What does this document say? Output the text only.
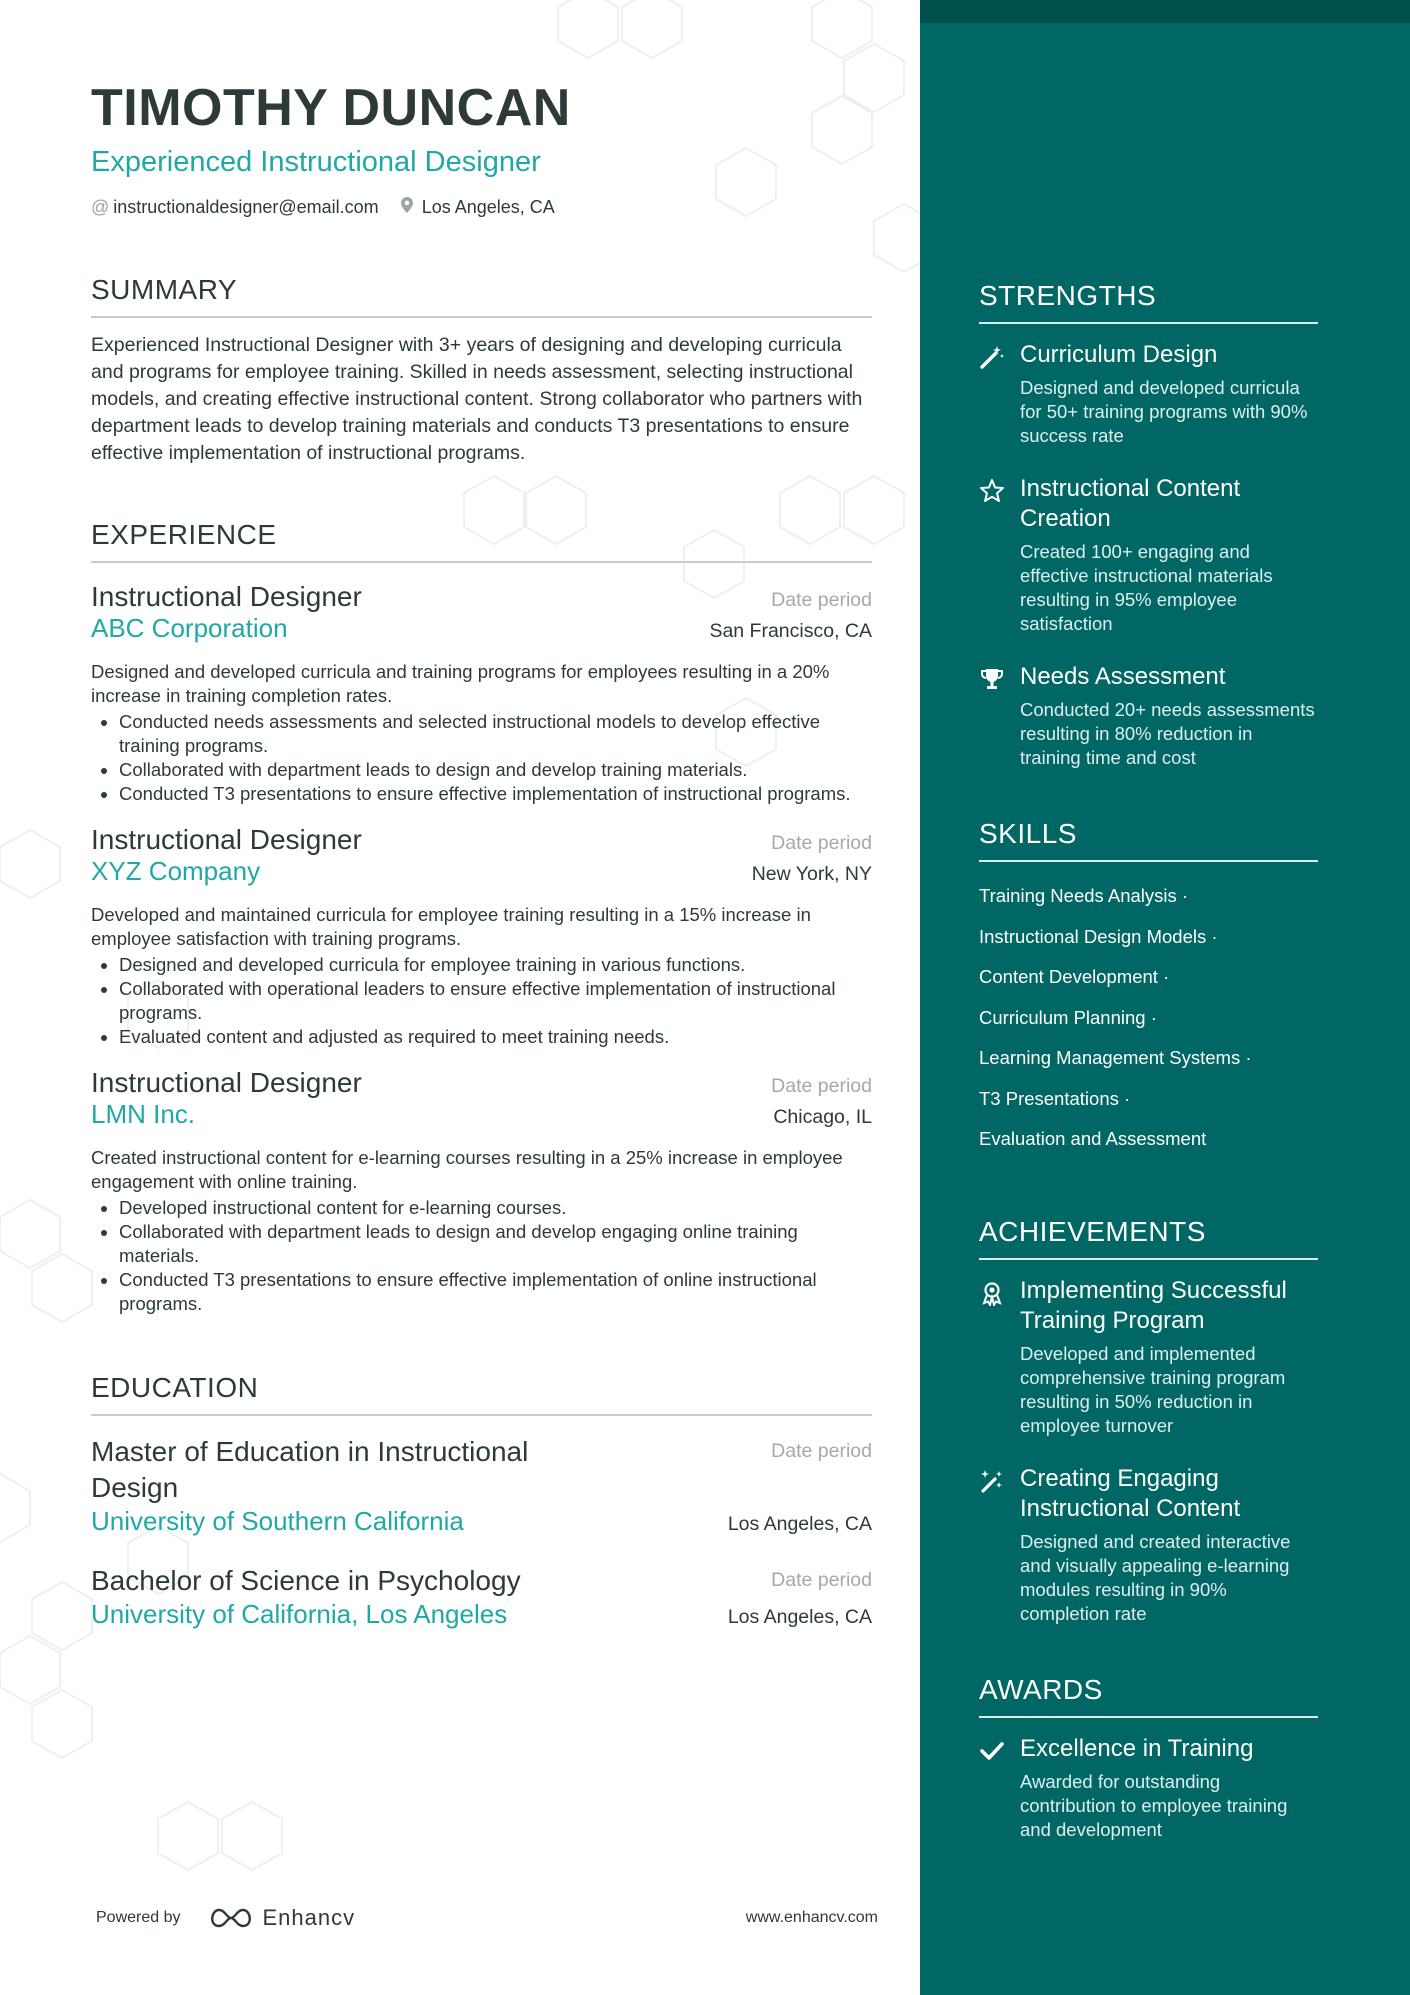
TIMOTHY DUNCAN
Experienced Instructional Designer
@ instructionaldesigner@email.com	Los Angeles, CA
SUMMARY
Experienced Instructional Designer with 3+ years of designing and developing curricula and programs for employee training. Skilled in needs assessment, selecting instructional models, and creating effective instructional content. Strong collaborator who partners with department leads to develop training materials and conducts T3 presentations to ensure effective implementation of instructional programs.
EXPERIENCE
Instructional Designer	Date period
ABC Corporation	San Francisco, CA
Designed and developed curricula and training programs for employees resulting in a 20% increase in training completion rates.
• Conducted needs assessments and selected instructional models to develop effective training programs.
• Collaborated with department leads to design and develop training materials.
• Conducted T3 presentations to ensure effective implementation of instructional programs.
Instructional Designer	Date period
XYZ Company	New York, NY
Developed and maintained curricula for employee training resulting in a 15% increase in employee satisfaction with training programs.
• Designed and developed curricula for employee training in various functions.
• Collaborated with operational leaders to ensure effective implementation of instructional programs.
• Evaluated content and adjusted as required to meet training needs.
Instructional Designer	Date period
LMN Inc.	Chicago, IL
Created instructional content for e-learning courses resulting in a 25% increase in employee engagement with online training.
• Developed instructional content for e-learning courses.
• Collaborated with department leads to design and develop engaging online training materials.
• Conducted T3 presentations to ensure effective implementation of online instructional programs.
EDUCATION
Master of Education in Instructional Design
Date period
University of Southern California	Los Angeles, CA
Bachelor of Science in Psychology	Date period
University of California, Los Angeles	Los Angeles, CA
Powered by	Enhancv	www.enhancv.com
STRENGTHS
Curriculum Design
Designed and developed curricula for 50+ training programs with 90% success rate
Instructional Content Creation
Created 100+ engaging and effective instructional materials resulting in 95% employee satisfaction
Needs Assessment
Conducted 20+ needs assessments resulting in 80% reduction in training time and cost
SKILLS
Training Needs Analysis ·
Instructional Design Models ·
Content Development ·
Curriculum Planning ·
Learning Management Systems ·
T3 Presentations ·
Evaluation and Assessment
ACHIEVEMENTS
Implementing Successful Training Program
Developed and implemented comprehensive training program resulting in 50% reduction in employee turnover
Creating Engaging Instructional Content
Designed and created interactive and visually appealing e-learning modules resulting in 90% completion rate
AWARDS
Excellence in Training
Awarded for outstanding contribution to employee training and development
